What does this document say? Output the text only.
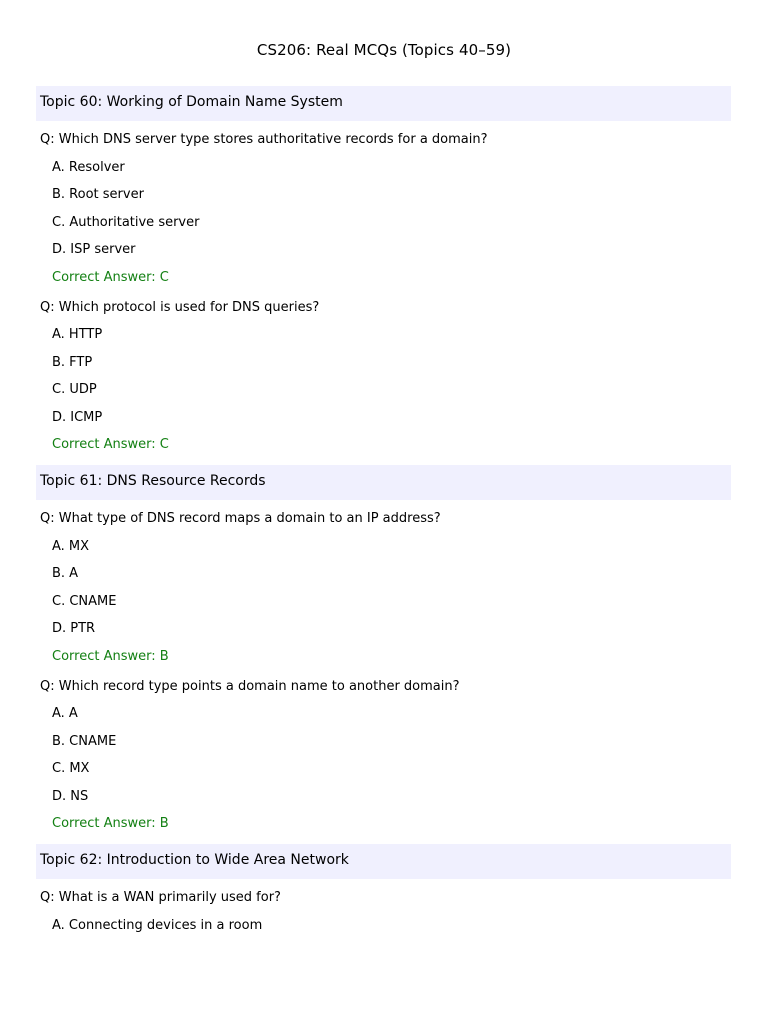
CS206: Real MCQs (Topics 40–59)
Topic 60: Working of Domain Name System
Q: Which DNS server type stores authoritative records for a domain?
A. Resolver
B. Root server
C. Authoritative server
D. ISP server
Correct Answer: C
Q: Which protocol is used for DNS queries?
A. HTTP
B. FTP
C. UDP
D. ICMP
Correct Answer: C
Topic 61: DNS Resource Records
Q: What type of DNS record maps a domain to an IP address?
A. MX
B. A
C. CNAME
D. PTR
Correct Answer: B
Q: Which record type points a domain name to another domain?
A. A
B. CNAME
C. MX
D. NS
Correct Answer: B
Topic 62: Introduction to Wide Area Network
Q: What is a WAN primarily used for?
A. Connecting devices in a room
